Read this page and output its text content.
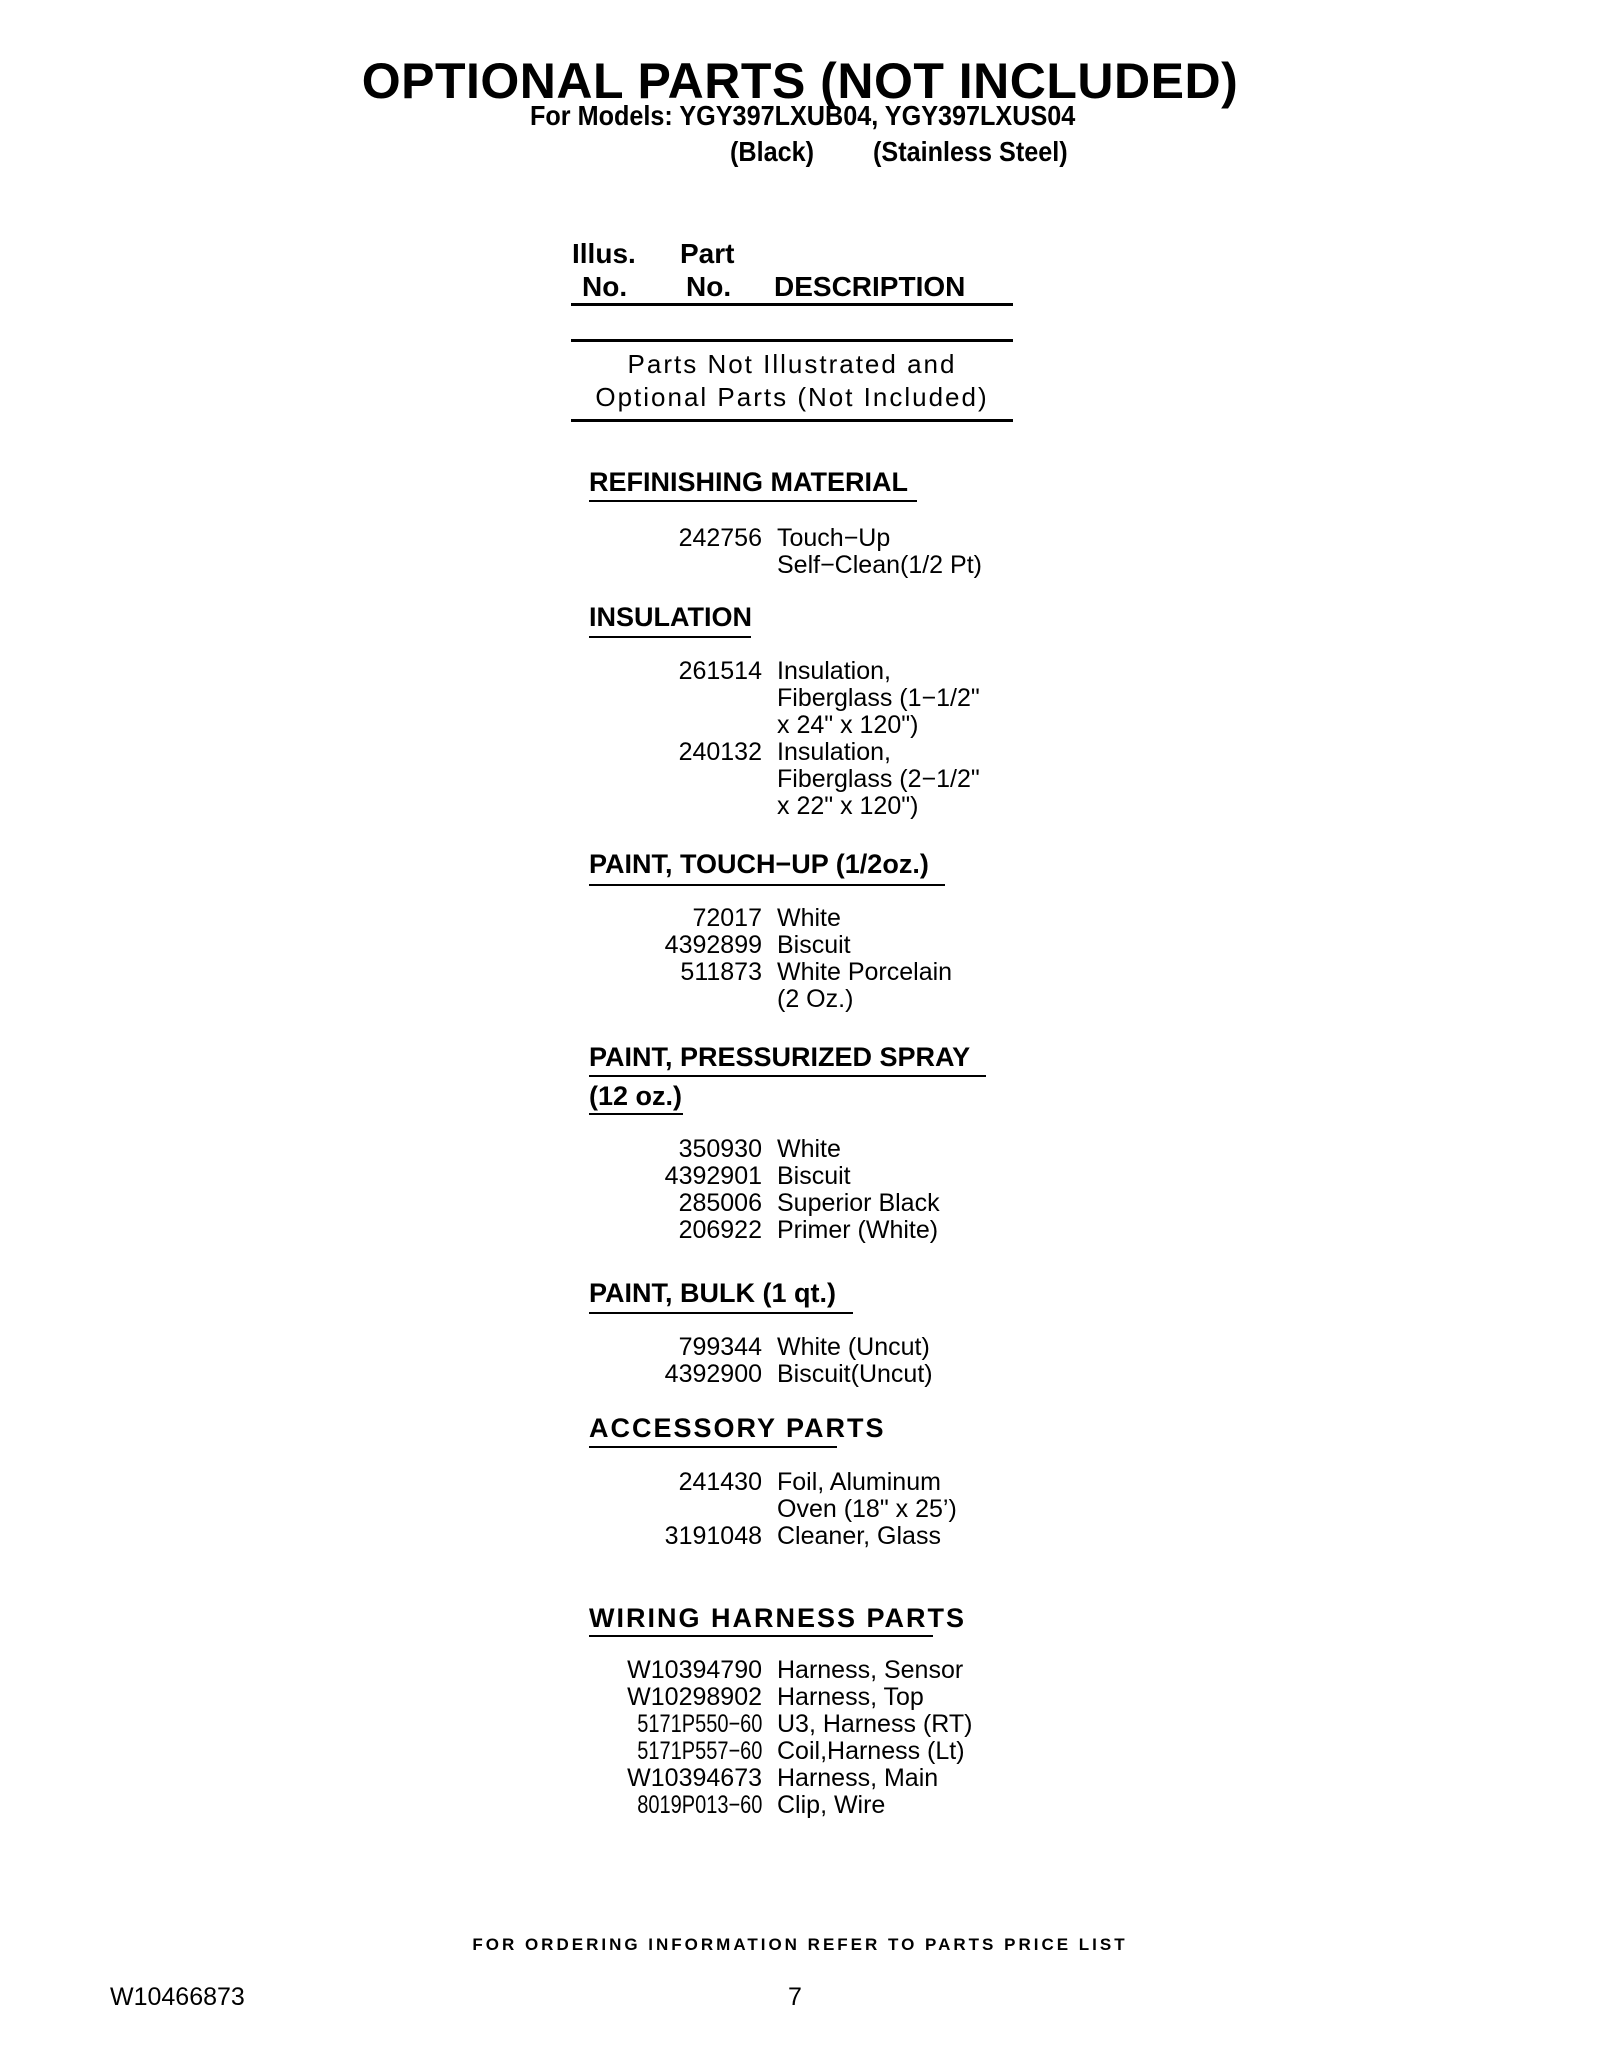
OPTIONAL PARTS (NOT INCLUDED)
For Models: YGY397LXUB04, YGY397LXUS04
(Black) (Stainless Steel)
Illus.
No.
Part
No. DESCRIPTION
Parts Not Illustrated and
Optional Parts (Not Included)
REFINISHING MATERIAL
242756 Touch−Up
Self−Clean(1/2 Pt)
INSULATION
261514 Insulation,
Fiberglass (1−1/2"
x 24" x 120")
240132 Insulation,
Fiberglass (2−1/2"
x 22" x 120")
PAINT, TOUCH−UP (1/2oz.)
72017 White
4392899 Biscuit
511873 White Porcelain
(2 Oz.)
PAINT, PRESSURIZED SPRAY
(12 oz.)
350930 White
4392901 Biscuit
285006 Superior Black
206922 Primer (White)
PAINT, BULK (1 qt.)
799344 White (Uncut)
4392900 Biscuit(Uncut)
ACCESSORY PARTS
241430 Foil, Aluminum
Oven (18" x 25’)
3191048 Cleaner, Glass
WIRING HARNESS PARTS
W10394790 Harness, Sensor
W10298902 Harness, Top
5171P550−60 U3, Harness (RT)
5171P557−60 Coil,Harness (Lt)
W10394673 Harness, Main
8019P013−60 Clip, Wire
FOR ORDERING INFORMATION REFER TO PARTS PRICE LIST
W10466873	7
